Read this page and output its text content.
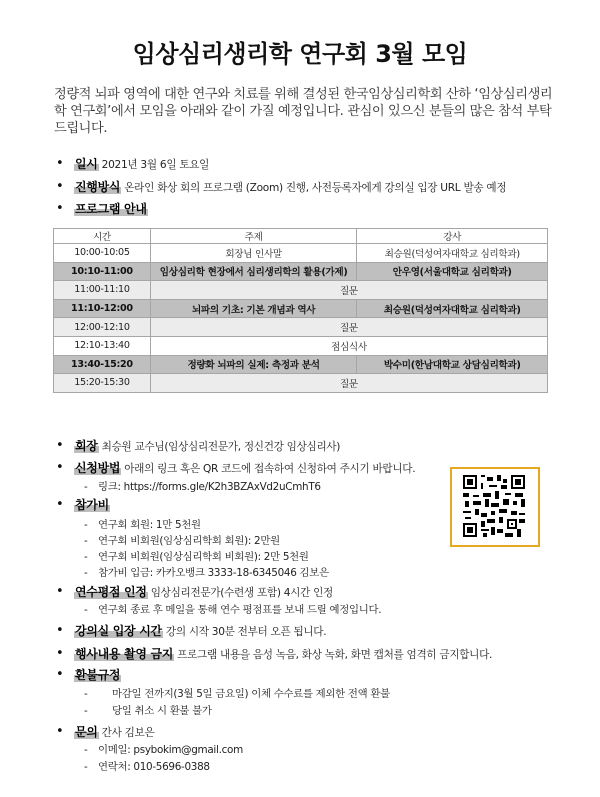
임상심리생리학 연구회 3월 모임
정량적 뇌파 영역에 대한 연구와 치료를 위해 결성된 한국임상심리학회 산하 ‘임상심리생리학 연구회’에서 모임을 아래와 같이 가질 예정입니다. 관심이 있으신 분들의 많은 참석 부탁드립니다.
• 일시 2021년 3월 6일 토요일
• 진행방식 온라인 화상 회의 프로그램 (Zoom) 진행, 사전등록자에게 강의실 입장 URL 발송 예정
• 프로그램 안내
시간	주제	강사
10:00-10:05	회장님 인사말	최승원(덕성여자대학교 심리학과)
10:10-11:00	임상심리학 현장에서 심리생리학의 활용(가제)	안우영(서울대학교 심리학과)
11:00-11:10	질문	
11:10-12:00	뇌파의 기초: 기본 개념과 역사	최승원(덕성여자대학교 심리학과)
12:00-12:10	질문	
12:10-13:40	점심식사	
13:40-15:20	정량화 뇌파의 실제: 측정과 분석	박수미(한남대학교 상담심리학과)
15:20-15:30	질문	
• 회장 최승원 교수님(임상심리전문가, 정신건강 임상심리사)
• 신청방법 아래의 링크 혹은 QR 코드에 접속하여 신청하여 주시기 바랍니다.
- 링크: https://forms.gle/K2h3BZAxVd2uCmhT6
• 참가비
- 연구회 회원: 1만 5천원
- 연구회 비회원(임상심리학회 회원): 2만원
- 연구회 비회원(임상심리학회 비회원): 2만 5천원
- 참가비 입금: 카카오뱅크 3333-18-6345046 김보은
• 연수평점 인정 임상심리전문가(수련생 포함) 4시간 인정
- 연구회 종료 후 메일을 통해 연수 평점표를 보내 드릴 예정입니다.
• 강의실 입장 시간 강의 시작 30분 전부터 오픈 됩니다.
• 행사내용 촬영 금지 프로그램 내용을 음성 녹음, 화상 녹화, 화면 캡처를 엄격히 금지합니다.
• 환불규정
- 마감일 전까지(3월 5일 금요일) 이체 수수료를 제외한 전액 환불
- 당일 취소 시 환불 불가
• 문의 간사 김보은
- 이메일: psybokim@gmail.com
- 연락처: 010-5696-0388
